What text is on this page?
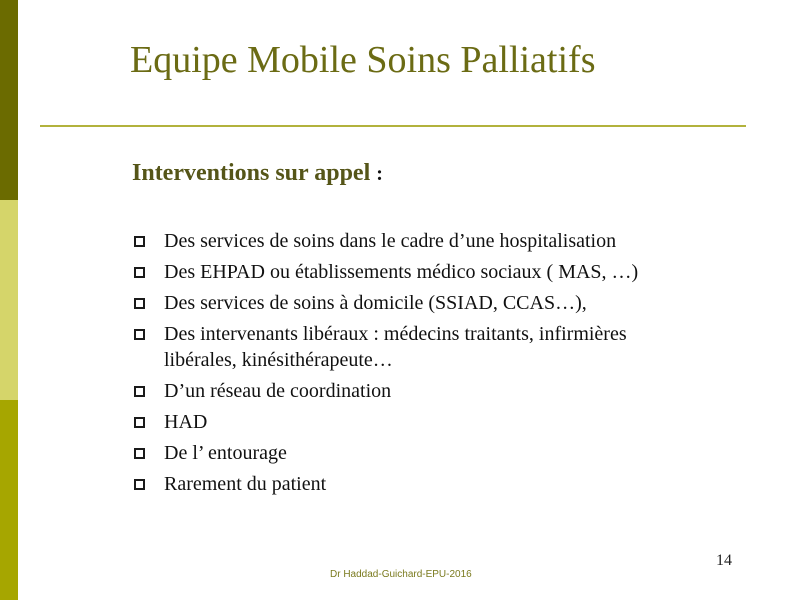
Equipe Mobile Soins Palliatifs
Interventions sur appel :
Des services de soins dans le cadre d’une hospitalisation
Des EHPAD ou établissements médico sociaux ( MAS, …)
Des services de soins à domicile (SSIAD, CCAS…),
Des intervenants libéraux : médecins traitants, infirmières libérales, kinésithérapeute…
D’un réseau de coordination
HAD
De l’ entourage
Rarement du patient
14
Dr Haddad-Guichard-EPU-2016
